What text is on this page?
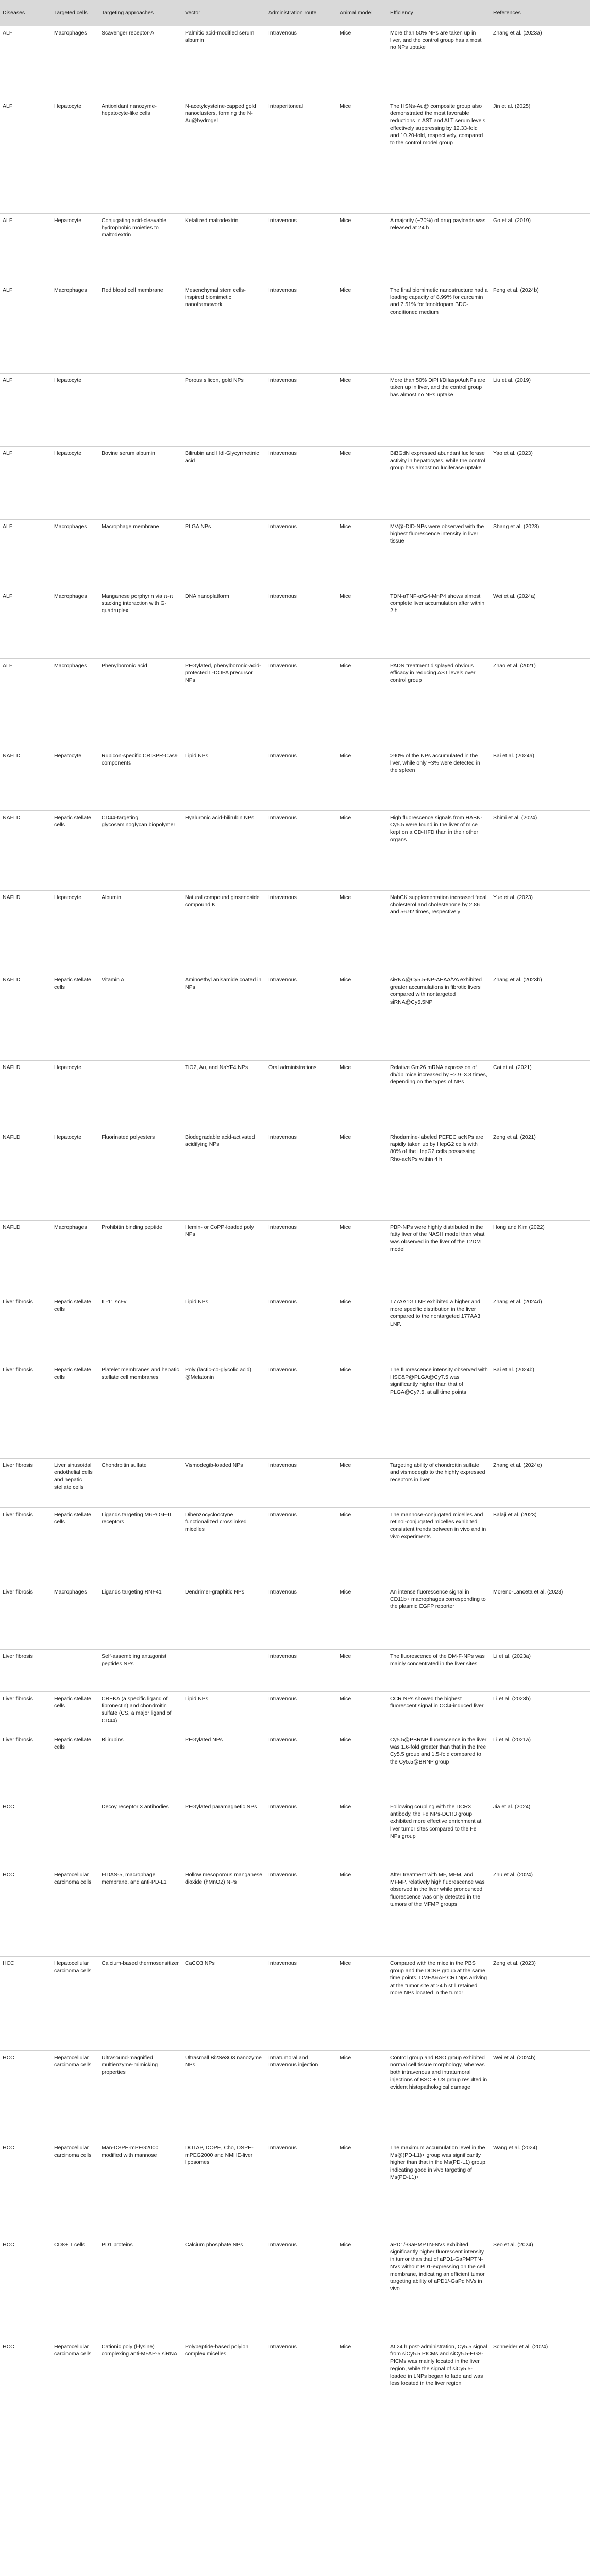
Diseases	Targeted cells	Targeting approaches	Vector	Administration route	Animal model	Efficiency	References
ALF	Macrophages	Scavenger receptor-A	Palmitic acid-modified serum albumin	Intravenous	Mice	More than 50% NPs are taken up in liver, and the control group has almost no NPs uptake	Zhang et al. (2023a)
ALF	Hepatocyte	Antioxidant nanozyme-hepatocyte-like cells	N-acetylcysteine-capped gold nanoclusters, forming the N-Au@hydrogel	Intraperitoneal	Mice	The HSNs-Au@ composite group also demonstrated the most favorable reductions in AST and ALT serum levels, effectively suppressing by 12.33-fold and 10.20-fold, respectively, compared to the control model group	Jin et al. (2025)
ALF	Hepatocyte	Conjugating acid-cleavable hydrophobic moieties to maltodextrin	Ketalized maltodextrin	Intravenous	Mice	A majority (~70%) of drug payloads was released at 24 h	Go et al. (2019)
ALF	Macrophages	Red blood cell membrane	Mesenchymal stem cells-inspired biomimetic nanoframework	Intravenous	Mice	The final biomimetic nanostructure had a loading capacity of 8.99% for curcumin and 7.51% for fenoldopam BDC-conditioned medium	Feng et al. (2024b)
ALF	Hepatocyte		Porous silicon, gold NPs	Intravenous	Mice	More than 50% DiPH/DiIasp/AuNPs are taken up in liver, and the control group has almost no NPs uptake	Liu et al. (2019)
ALF	Hepatocyte	Bovine serum albumin	Bilirubin and Hdl-Glycyrrhetinic acid	Intravenous	Mice	BiBGdN expressed abundant luciferase activity in hepatocytes, while the control group has almost no luciferase uptake	Yao et al. (2023)
ALF	Macrophages	Macrophage membrane	PLGA NPs	Intravenous	Mice	MV@-DID-NPs were observed with the highest fluorescence intensity in liver tissue	Shang et al. (2023)
ALF	Macrophages	Manganese porphyrin via π-π stacking interaction with G-quadruplex	DNA nanoplatform	Intravenous	Mice	TDN-aTNF-α/G4-MnP4 shows almost complete liver accumulation after within 2 h	Wei et al. (2024a)
ALF	Macrophages	Phenylboronic acid	PEGylated, phenylboronic-acid-protected L-DOPA precursor NPs	Intravenous	Mice	PADN treatment displayed obvious efficacy in reducing AST levels over control group	Zhao et al. (2021)
NAFLD	Hepatocyte	Rubicon-specific CRISPR-Cas9 components	Lipid NPs	Intravenous	Mice	>90% of the NPs accumulated in the liver, while only ~3% were detected in the spleen	Bai et al. (2024a)
NAFLD	Hepatic stellate cells	CD44-targeting glycosaminoglycan biopolymer	Hyaluronic acid-bilirubin NPs	Intravenous	Mice	High fluorescence signals from HABN-Cy5.5 were found in the liver of mice kept on a CD-HFD than in their other organs	Shimi et al. (2024)
NAFLD	Hepatocyte	Albumin	Natural compound ginsenoside compound K	Intravenous	Mice	NabCK supplementation increased fecal cholesterol and cholestenone by 2.86 and 56.92 times, respectively	Yue et al. (2023)
NAFLD	Hepatic stellate cells	Vitamin A	Aminoethyl anisamide coated in NPs	Intravenous	Mice	siRNA@Cy5.5-NP-AEAA/VA exhibited greater accumulations in fibrotic livers compared with nontargeted siRNA@Cy5.5NP	Zhang et al. (2023b)
NAFLD	Hepatocyte		TiO2, Au, and NaYF4 NPs	Oral administrations	Mice	Relative Gm26 mRNA expression of db/db mice increased by ~2.9–3.3 times, depending on the types of NPs	Cai et al. (2021)
NAFLD	Hepatocyte	Fluorinated polyesters	Biodegradable acid-activated acidifying NPs	Intravenous	Mice	Rhodamine-labeled PEFEC acNPs are rapidly taken up by HepG2 cells with 80% of the HepG2 cells possessing Rho-acNPs within 4 h	Zeng et al. (2021)
NAFLD	Macrophages	Prohibitin binding peptide	Hemin- or CoPP-loaded poly NPs	Intravenous	Mice	PBP-NPs were highly distributed in the fatty liver of the NASH model than what was observed in the liver of the T2DM model	Hong and Kim (2022)
Liver fibrosis	Hepatic stellate cells	IL-11 scFv	Lipid NPs	Intravenous	Mice	177AA1G LNP exhibited a higher and more specific distribution in the liver compared to the nontargeted 177AA3 LNP.	Zhang et al. (2024d)
Liver fibrosis	Hepatic stellate cells	Platelet membranes and hepatic stellate cell membranes	Poly (lactic-co-glycolic acid) @Melatonin	Intravenous	Mice	The fluorescence intensity observed with HSC&P@PLGA@Cy7.5 was significantly higher than that of PLGA@Cy7.5, at all time points	Bai et al. (2024b)
Liver fibrosis	Liver sinusoidal endothelial cells and hepatic stellate cells	Chondroitin sulfate	Vismodegib-loaded NPs	Intravenous	Mice	Targeting ability of chondroitin sulfate and vismodegib to the highly expressed receptors in liver	Zhang et al. (2024e)
Liver fibrosis	Hepatic stellate cells	Ligands targeting M6P/IGF-II receptors	Dibenzocyclooctyne functionalized crosslinked micelles	Intravenous	Mice	The mannose-conjugated micelles and retinol-conjugated micelles exhibited consistent trends between in vivo and in vivo experiments	Balaji et al. (2023)
Liver fibrosis	Macrophages	Ligands targeting RNF41	Dendrimer-graphitic NPs	Intravenous	Mice	An intense fluorescence signal in CD11b+ macrophages corresponding to the plasmid EGFP reporter	Moreno-Lanceta et al. (2023)
Liver fibrosis		Self-assembling antagonist peptides NPs		Intravenous	Mice	The fluorescence of the DM-F-NPs was mainly concentrated in the liver sites	Li et al. (2023a)
Liver fibrosis	Hepatic stellate cells	CREKA (a specific ligand of fibronectin) and chondroitin sulfate (CS, a major ligand of CD44)	Lipid NPs	Intravenous	Mice	CCR NPs showed the highest fluorescent signal in CCl4-induced liver	Li et al. (2023b)
Liver fibrosis	Hepatic stellate cells	Bilirubins	PEGylated NPs	Intravenous	Mice	Cy5.5@PBRNP fluorescence in the liver was 1.6-fold greater than that in the free Cy5.5 group and 1.5-fold compared to the Cy5.5@BRNP group	Li et al. (2021a)
HCC		Decoy receptor 3 antibodies	PEGylated paramagnetic NPs	Intravenous	Mice	Following coupling with the DCR3 antibody, the Fe NPs-DCR3 group exhibited more effective enrichment at liver tumor sites compared to the Fe NPs group	Jia et al. (2024)
HCC	Hepatocellular carcinoma cells	FIDAS-5, macrophage membrane, and anti-PD-L1	Hollow mesoporous manganese dioxide (hMnO2) NPs	Intravenous	Mice	After treatment with MF, MFM, and MFMP, relatively high fluorescence was observed in the liver while pronounced fluorescence was only detected in the tumors of the MFMP groups	Zhu et al. (2024)
HCC	Hepatocellular carcinoma cells	Calcium-based thermosensitizer	CaCO3 NPs	Intravenous	Mice	Compared with the mice in the PBS group and the DCNP group at the same time points, DMEA&AP CRTNps arriving at the tumor site at 24 h still retained more NPs located in the tumor	Zeng et al. (2023)
HCC	Hepatocellular carcinoma cells	Ultrasound-magnified multienzyme-mimicking properties	Ultrasmall Bi2Se3O3 nanozyme NPs	Intratumoral and Intravenous injection	Mice	Control group and BSO group exhibited normal cell tissue morphology, whereas both intravenous and intratumoral injections of BSO + US group resulted in evident histopathological damage	Wei et al. (2024b)
HCC	Hepatocellular carcinoma cells	Man-DSPE-mPEG2000 modified with mannose	DOTAP, DOPE, Cho, DSPE-mPEG2000 and NMHE-liver liposomes	Intravenous	Mice	The maximum accumulation level in the Ms@(PD-L1)+ group was significantly higher than that in the Ms(PD-L1) group, indicating good in vivo targeting of Ms(PD-L1)+	Wang et al. (2024)
HCC	CD8+ T cells	PD1 proteins	Calcium phosphate NPs	Intravenous	Mice	aPD1/-GaPMPTN-NVs exhibited significantly higher fluorescent intensity in tumor than that of aPD1-GaPMPTN-NVs without PD1-expressing on the cell membrane, indicating an efficient tumor targeting ability of aPD1/-GaPd NVs in vivo	Seo et al. (2024)
HCC	Hepatocellular carcinoma cells	Cationic poly (l-lysine) complexing anti-MFAP-5 siRNA	Polypeptide-based polyion complex micelles	Intravenous	Mice	At 24 h post-administration, Cy5.5 signal from siCy5.5 PICMs and siCy5.5-EGS-PICMs was mainly located in the liver region, while the signal of siCy5.5-loaded in LNPs began to fade and was less located in the liver region	Schneider et al. (2024)
